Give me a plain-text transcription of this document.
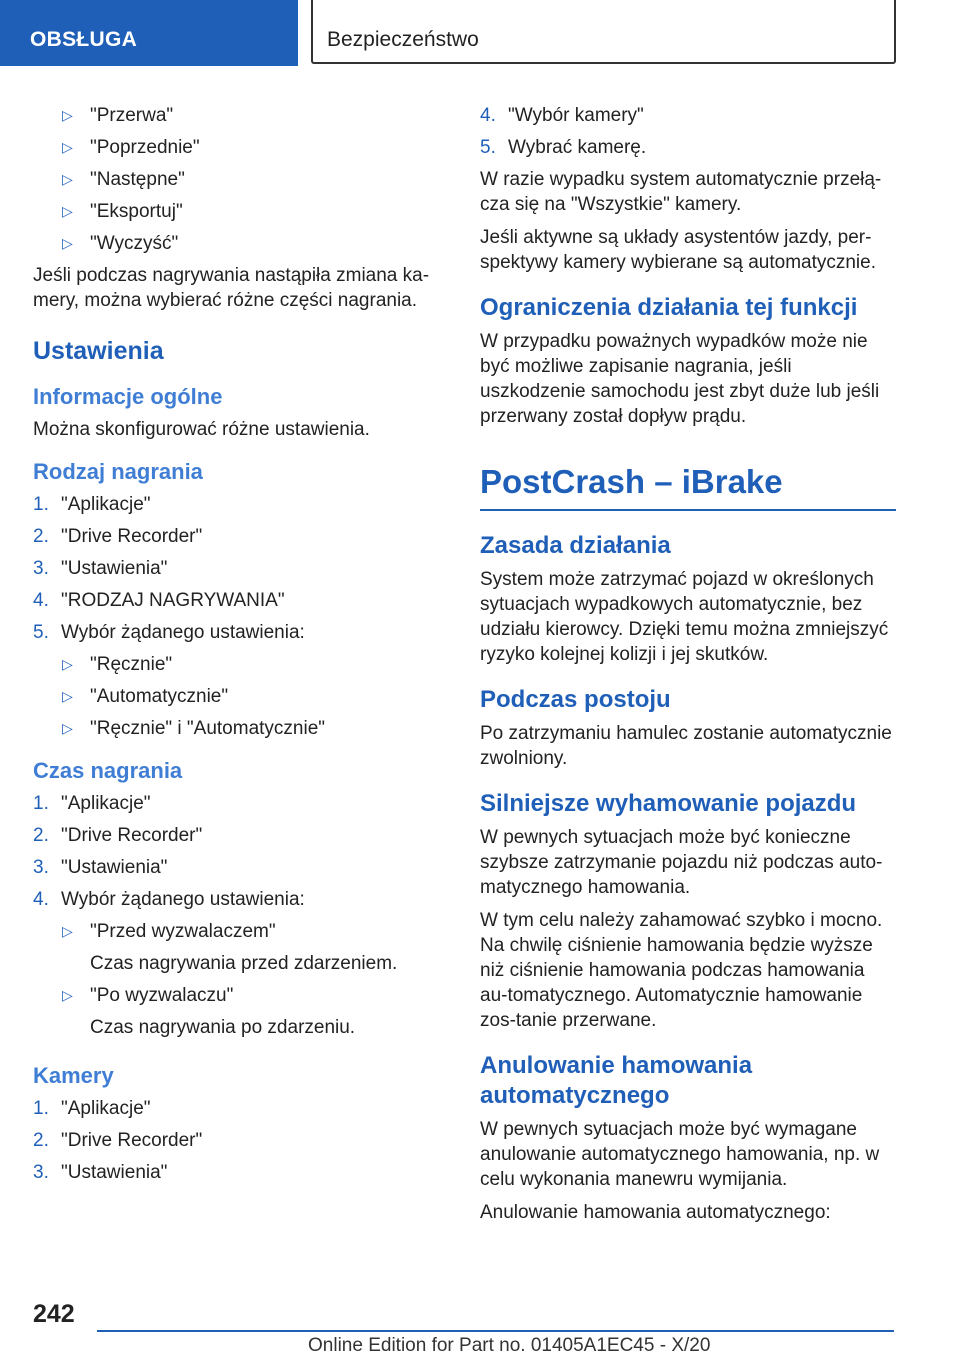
OBSŁUGA	Bezpieczeństwo
▷ "Przerwa"
▷ "Poprzednie"
▷ "Następne"
▷ "Eksportuj"
▷ "Wyczyść"

Jeśli podczas nagrywania nastąpiła zmiana ka-mery, można wybierać różne części nagrania.

Ustawienia
Informacje ogólne

Można skonfigurować różne ustawienia.

Rodzaj nagrania
1. "Aplikacje"
2. "Drive Recorder"
3. "Ustawienia"
4. "RODZAJ NAGRYWANIA"
5. Wybór żądanego ustawienia:
▷ "Ręcznie"
▷ "Automatycznie"
▷ "Ręcznie" i "Automatycznie"
Czas nagrania
1. "Aplikacje"
2. "Drive Recorder"
3. "Ustawienia"
4. Wybór żądanego ustawienia:
▷ "Przed wyzwalaczem"
Czas nagrywania przed zdarzeniem.
▷ "Po wyzwalaczu"
Czas nagrywania po zdarzeniu.
Kamery
1. "Aplikacje"
2. "Drive Recorder"
3. "Ustawienia"
4. "Wybór kamery"
5. Wybrać kamerę.

W razie wypadku system automatycznie przełą-cza się na "Wszystkie" kamery.

Jeśli aktywne są układy asystentów jazdy, per-spektywy kamery wybierane są automatycznie.

Ograniczenia działania tej funkcji

W przypadku poważnych wypadków może nie być możliwe zapisanie nagrania, jeśli uszkodzenie samochodu jest zbyt duże lub jeśli przerwany został dopływ prądu.

PostCrash – iBrake
Zasada działania

System może zatrzymać pojazd w określonych sytuacjach wypadkowych automatycznie, bez udziału kierowcy. Dzięki temu można zmniejszyć ryzyko kolejnej kolizji i jej skutków.

Podczas postoju

Po zatrzymaniu hamulec zostanie automatycznie zwolniony.

Silniejsze wyhamowanie pojazdu

W pewnych sytuacjach może być konieczne szybsze zatrzymanie pojazdu niż podczas auto-matycznego hamowania.

W tym celu należy zahamować szybko i mocno. Na chwilę ciśnienie hamowania będzie wyższe niż ciśnienie hamowania podczas hamowania au-tomatycznego. Automatycznie hamowanie zos-tanie przerwane.

Anulowanie hamowania automatycznego

W pewnych sytuacjach może być wymagane anulowanie automatycznego hamowania, np. w celu wykonania manewru wymijania.

Anulowanie hamowania automatycznego:

242
Online Edition for Part no. 01405A1EC45 - X/20
